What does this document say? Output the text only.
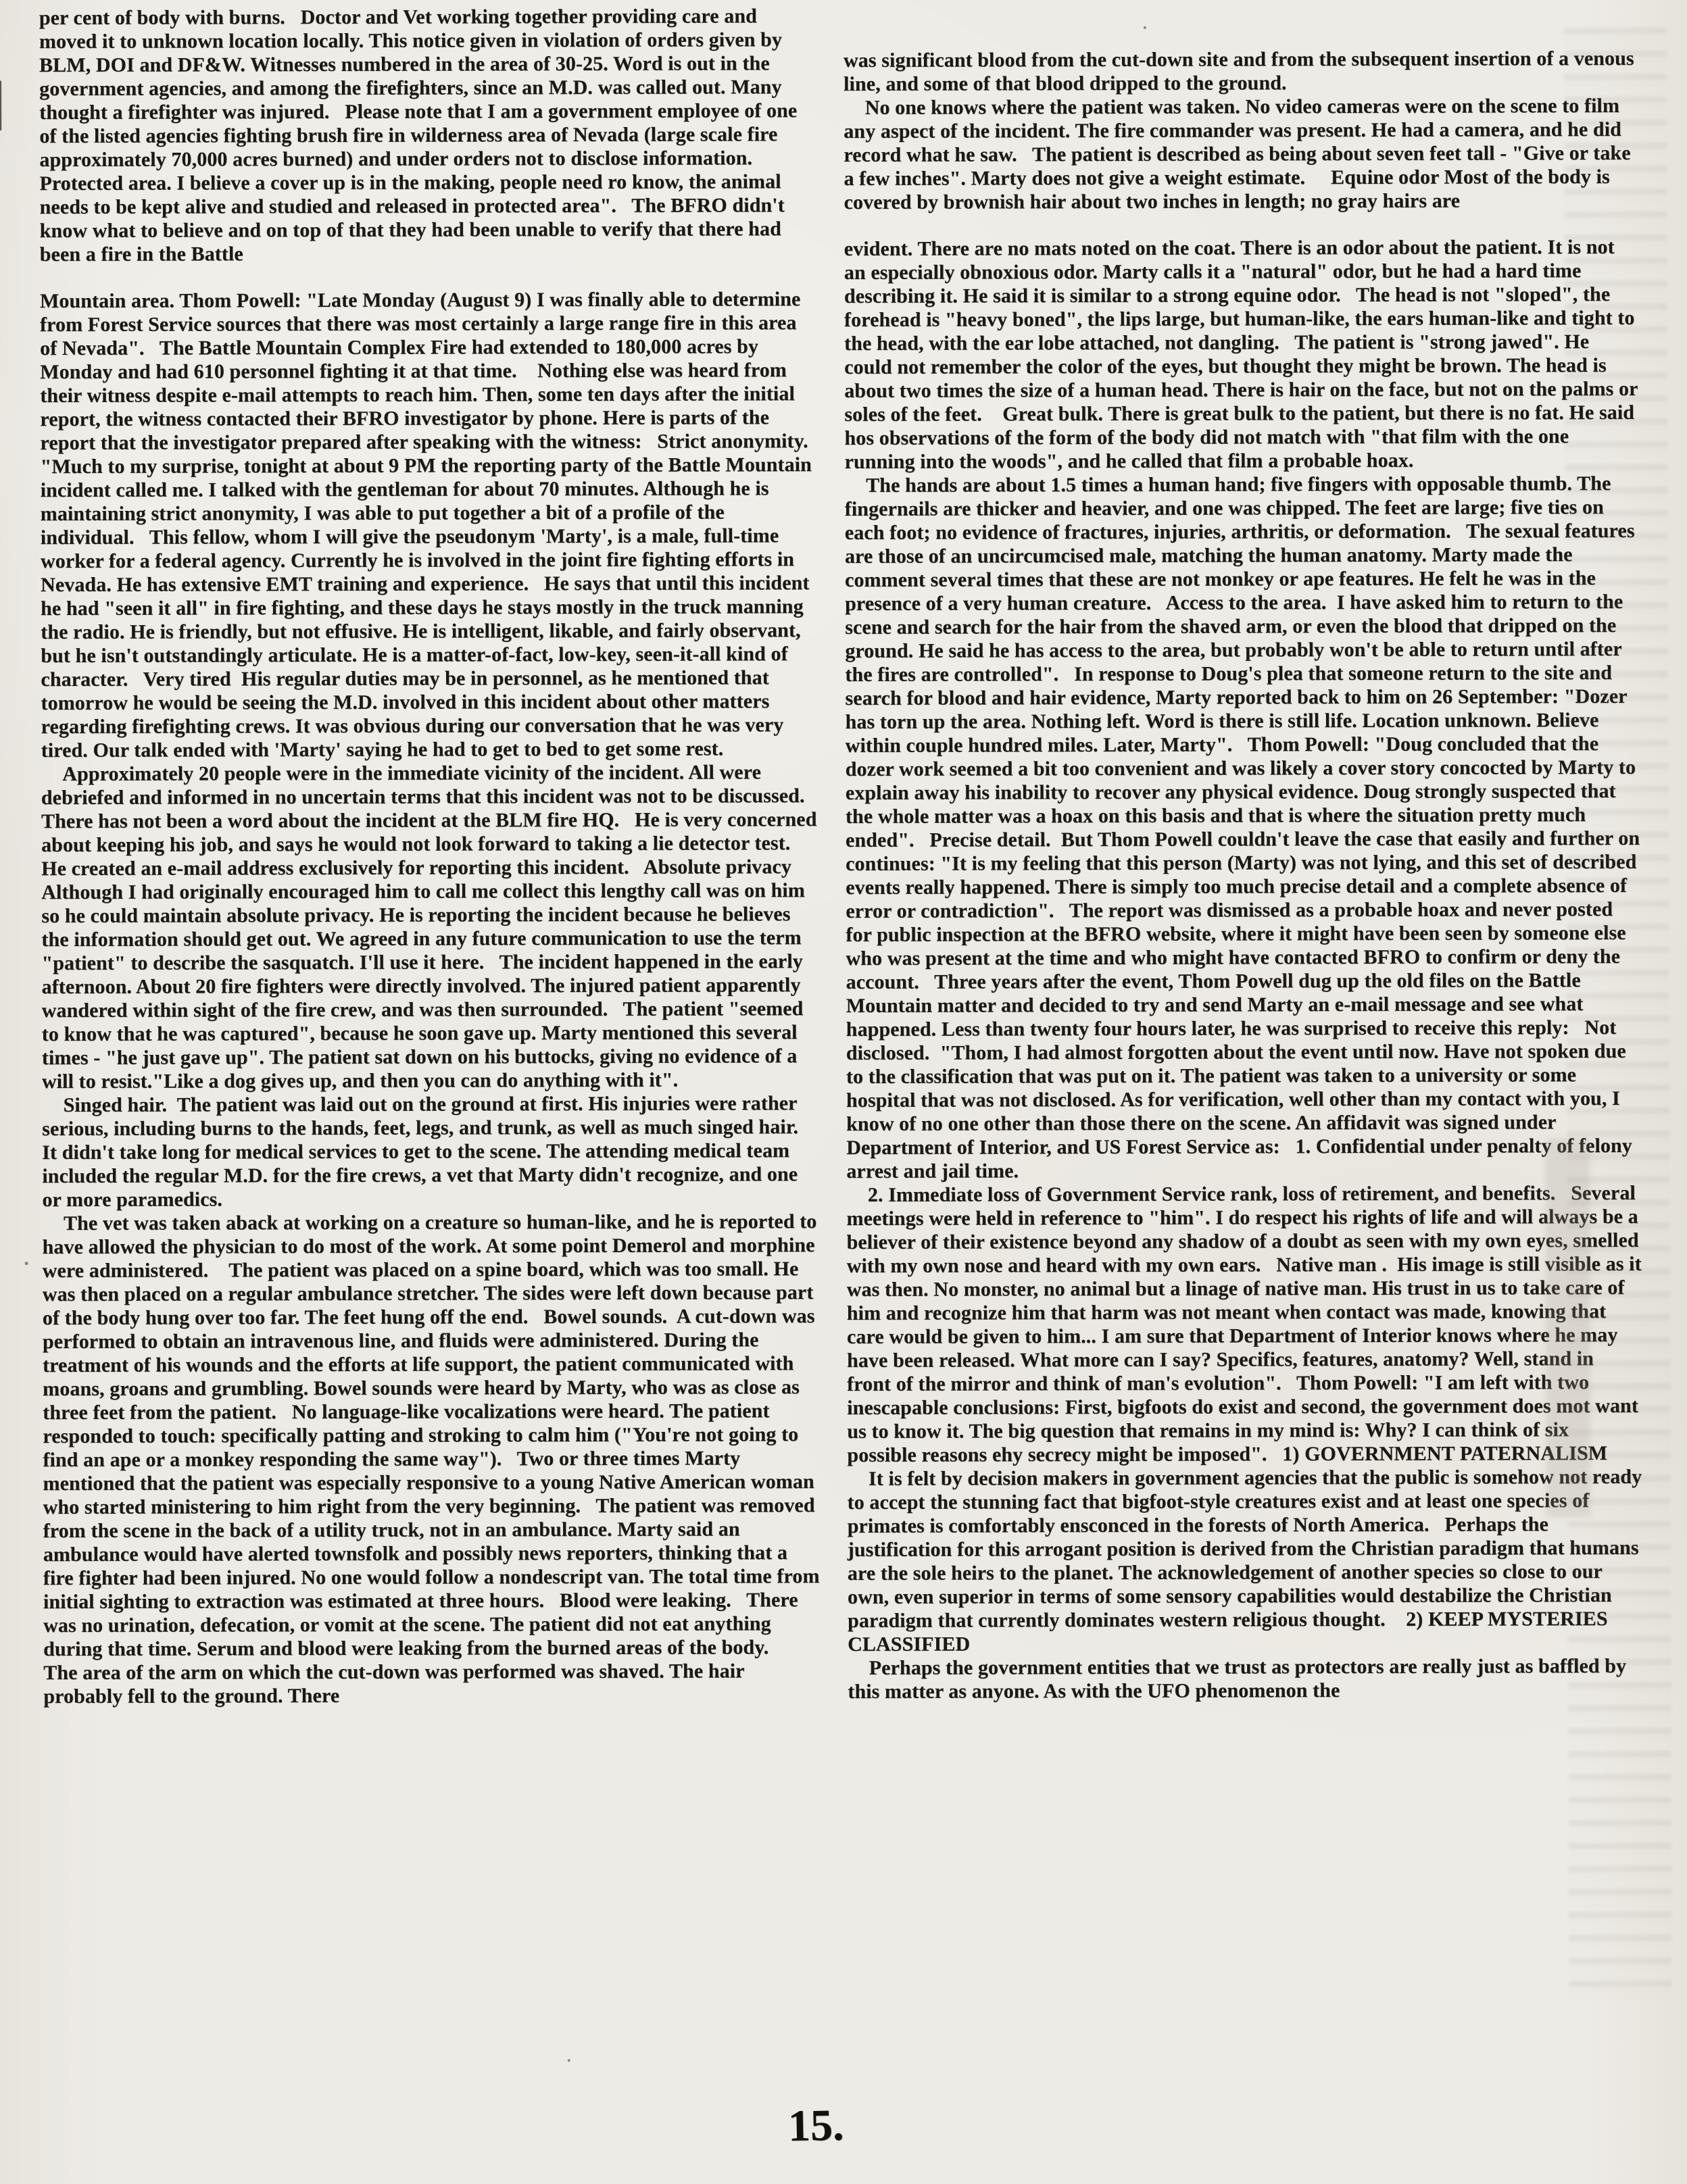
per cent of body with burns.   Doctor and Vet working together providing care and moved it to unknown location locally. This notice given in violation of orders given by BLM, DOI and DF&W. Witnesses numbered in the area of 30-25. Word is out in the government agencies, and among the firefighters, since an M.D. was called out. Many thought a firefighter was injured.   Please note that I am a government employee of one of the listed agencies fighting brush fire in wilderness area of Nevada (large scale fire approximately 70,000 acres burned) and under orders not to disclose information.   Protected area. I believe a cover up is in the making, people need ro know, the animal needs to be kept alive and studied and released in protected area".   The BFRO didn't know what to believe and on top of that they had been unable to verify that there had been a fire in the Battle

Mountain area. Thom Powell: "Late Monday (August 9) I was finally able to determine from Forest Service sources that there was most certainly a large range fire in this area of Nevada".   The Battle Mountain Complex Fire had extended to 180,000 acres by Monday and had 610 personnel fighting it at that time.    Nothing else was heard from their witness despite e-mail attempts to reach him. Then, some ten days after the initial report, the witness contacted their BFRO investigator by phone. Here is parts of the report that the investigator prepared after speaking with the witness:   Strict anonymity.  "Much to my surprise, tonight at about 9 PM the reporting party of the Battle Mountain incident called me. I talked with the gentleman for about 70 minutes. Although he is maintaining strict anonymity, I was able to put together a bit of a profile of the individual.   This fellow, whom I will give the pseudonym 'Marty', is a male, full-time worker for a federal agency. Currently he is involved in the joint fire fighting efforts in Nevada. He has extensive EMT training and experience.   He says that until this incident he had "seen it all" in fire fighting, and these days he stays mostly in the truck manning the radio. He is friendly, but not effusive. He is intelligent, likable, and fairly observant, but he isn't outstandingly articulate. He is a matter-of-fact, low-key, seen-it-all kind of character.   Very tired  His regular duties may be in personnel, as he mentioned that tomorrow he would be seeing the M.D. involved in this incident about other matters regarding firefighting crews. It was obvious during our conversation that he was very tired. Our talk ended with 'Marty' saying he had to get to bed to get some rest.

Approximately 20 people were in the immediate vicinity of the incident. All were debriefed and informed in no uncertain terms that this incident was not to be discussed. There has not been a word about the incident at the BLM fire HQ.   He is very concerned about keeping his job, and says he would not look forward to taking a lie detector test. He created an e-mail address exclusively for reporting this incident.   Absolute privacy Although I had originally encouraged him to call me collect this lengthy call was on him so he could maintain absolute privacy. He is reporting the incident because he believes the information should get out. We agreed in any future communication to use the term "patient" to describe the sasquatch. I'll use it here.   The incident happened in the early afternoon. About 20 fire fighters were directly involved. The injured patient apparently wandered within sight of the fire crew, and was then surrounded.   The patient "seemed to know that he was captured", because he soon gave up. Marty mentioned this several times - "he just gave up". The patient sat down on his buttocks, giving no evidence of a will to resist."Like a dog gives up, and then you can do anything with it".

Singed hair.  The patient was laid out on the ground at first. His injuries were rather serious, including burns to the hands, feet, legs, and trunk, as well as much singed hair.   It didn't take long for medical services to get to the scene. The attending medical team included the regular M.D. for the fire crews, a vet that Marty didn't recognize, and one or more paramedics.

The vet was taken aback at working on a creature so human-like, and he is reported to have allowed the physician to do most of the work. At some point Demerol and morphine were administered.    The patient was placed on a spine board, which was too small. He was then placed on a regular ambulance stretcher. The sides were left down because part of the body hung over too far. The feet hung off the end.   Bowel sounds.  A cut-down was performed to obtain an intravenous line, and fluids were administered. During the treatment of his wounds and the efforts at life support, the patient communicated with moans, groans and grumbling. Bowel sounds were heard by Marty, who was as close as three feet from the patient.   No language-like vocalizations were heard. The patient responded to touch: specifically patting and stroking to calm him ("You're not going to find an ape or a monkey responding the same way").   Two or three times Marty mentioned that the patient was especially responsive to a young Native American woman who started ministering to him right from the very beginning.   The patient was removed from the scene in the back of a utility truck, not in an ambulance. Marty said an ambulance would have alerted townsfolk and possibly news reporters, thinking that a fire fighter had been injured. No one would follow a nondescript van. The total time from initial sighting to extraction was estimated at three hours.   Blood were leaking.   There was no urination, defecation, or vomit at the scene. The patient did not eat anything during that time. Serum and blood were leaking from the burned areas of the body.    The area of the arm on which the cut-down was performed was shaved. The hair probably fell to the ground. There

was significant blood from the cut-down site and from the subsequent insertion of a venous line, and some of that blood dripped to the ground.

No one knows where the patient was taken. No video cameras were on the scene to film any aspect of the incident. The fire commander was present. He had a camera, and he did record what he saw.   The patient is described as being about seven feet tall - "Give or take a few inches". Marty does not give a weight estimate.     Equine odor Most of the body is covered by brownish hair about two inches in length; no gray hairs are

evident. There are no mats noted on the coat. There is an odor about the patient. It is not an especially obnoxious odor. Marty calls it a "natural" odor, but he had a hard time describing it. He said it is similar to a strong equine odor.   The head is not "sloped", the forehead is "heavy boned", the lips large, but human-like, the ears human-like and tight to the head, with the ear lobe attached, not dangling.   The patient is "strong jawed". He could not remember the color of the eyes, but thought they might be brown. The head is about two times the size of a human head. There is hair on the face, but not on the palms or soles of the feet.    Great bulk. There is great bulk to the patient, but there is no fat. He said hos observations of the form of the body did not match with "that film with the one running into the woods", and he called that film a probable hoax.

The hands are about 1.5 times a human hand; five fingers with opposable thumb. The fingernails are thicker and heavier, and one was chipped. The feet are large; five ties on each foot; no evidence of fractures, injuries, arthritis, or deformation.   The sexual features are those of an uncircumcised male, matching the human anatomy. Marty made the comment several times that these are not monkey or ape features. He felt he was in the presence of a very human creature.   Access to the area.  I have asked him to return to the scene and search for the hair from the shaved arm, or even the blood that dripped on the ground. He said he has access to the area, but probably won't be able to return until after the fires are controlled".   In response to Doug's plea that someone return to the site and search for blood and hair evidence, Marty reported back to him on 26 September: "Dozer has torn up the area. Nothing left. Word is there is still life. Location unknown. Believe within couple hundred miles. Later, Marty".   Thom Powell: "Doug concluded that the dozer work seemed a bit too convenient and was likely a cover story concocted by Marty to explain away his inability to recover any physical evidence. Doug strongly suspected that the whole matter was a hoax on this basis and that is where the situation pretty much ended".   Precise detail.  But Thom Powell couldn't leave the case that easily and further on continues: "It is my feeling that this person (Marty) was not lying, and this set of described events really happened. There is simply too much precise detail and a complete absence of error or contradiction".   The report was dismissed as a probable hoax and never posted for public inspection at the BFRO website, where it might have been seen by someone else who was present at the time and who might have contacted BFRO to confirm or deny the account.   Three years after the event, Thom Powell dug up the old files on the Battle Mountain matter and decided to try and send Marty an e-mail message and see what happened. Less than twenty four hours later, he was surprised to receive this reply:   Not disclosed.  "Thom, I had almost forgotten about the event until now. Have not spoken due to the classification that was put on it. The patient was taken to a university or some hospital that was not disclosed. As for verification, well other than my contact with you, I know of no one other than those there on the scene. An affidavit was signed under Department of Interior, and US Forest Service as:   1. Confidential under penalty of felony arrest and jail time.

2. Immediate loss of Government Service rank, loss of retirement, and benefits.   Several meetings were held in reference to "him". I do respect his rights of life and will always be a believer of their existence beyond any shadow of a doubt as seen with my own eyes, smelled with my own nose and heard with my own ears.   Native man .  His image is still visible as it was then. No monster, no animal but a linage of native man. His trust in us to take care of him and recognize him that harm was not meant when contact was made, knowing that care would be given to him... I am sure that Department of Interior knows where he may have been released. What more can I say? Specifics, features, anatomy? Well, stand in front of the mirror and think of man's evolution".   Thom Powell: "I am left with two inescapable conclusions: First, bigfoots do exist and second, the government does mot want us to know it. The big question that remains in my mind is: Why? I can think of six possible reasons ehy secrecy might be imposed".   1) GOVERNMENT PATERNALISM

It is felt by decision makers in government agencies that the public is somehow not ready to accept the stunning fact that bigfoot-style creatures exist and at least one species of primates is comfortably ensconced in the forests of North America.   Perhaps the justification for this arrogant position is derived from the Christian paradigm that humans are the sole heirs to the planet. The acknowledgement of another species so close to our own, even superior in terms of some sensory capabilities would destabilize the Christian paradigm that currently dominates western religious thought.    2) KEEP MYSTERIES CLASSIFIED

Perhaps the government entities that we trust as protectors are really just as baffled by this matter as anyone. As with the UFO phenomenon the

15.
